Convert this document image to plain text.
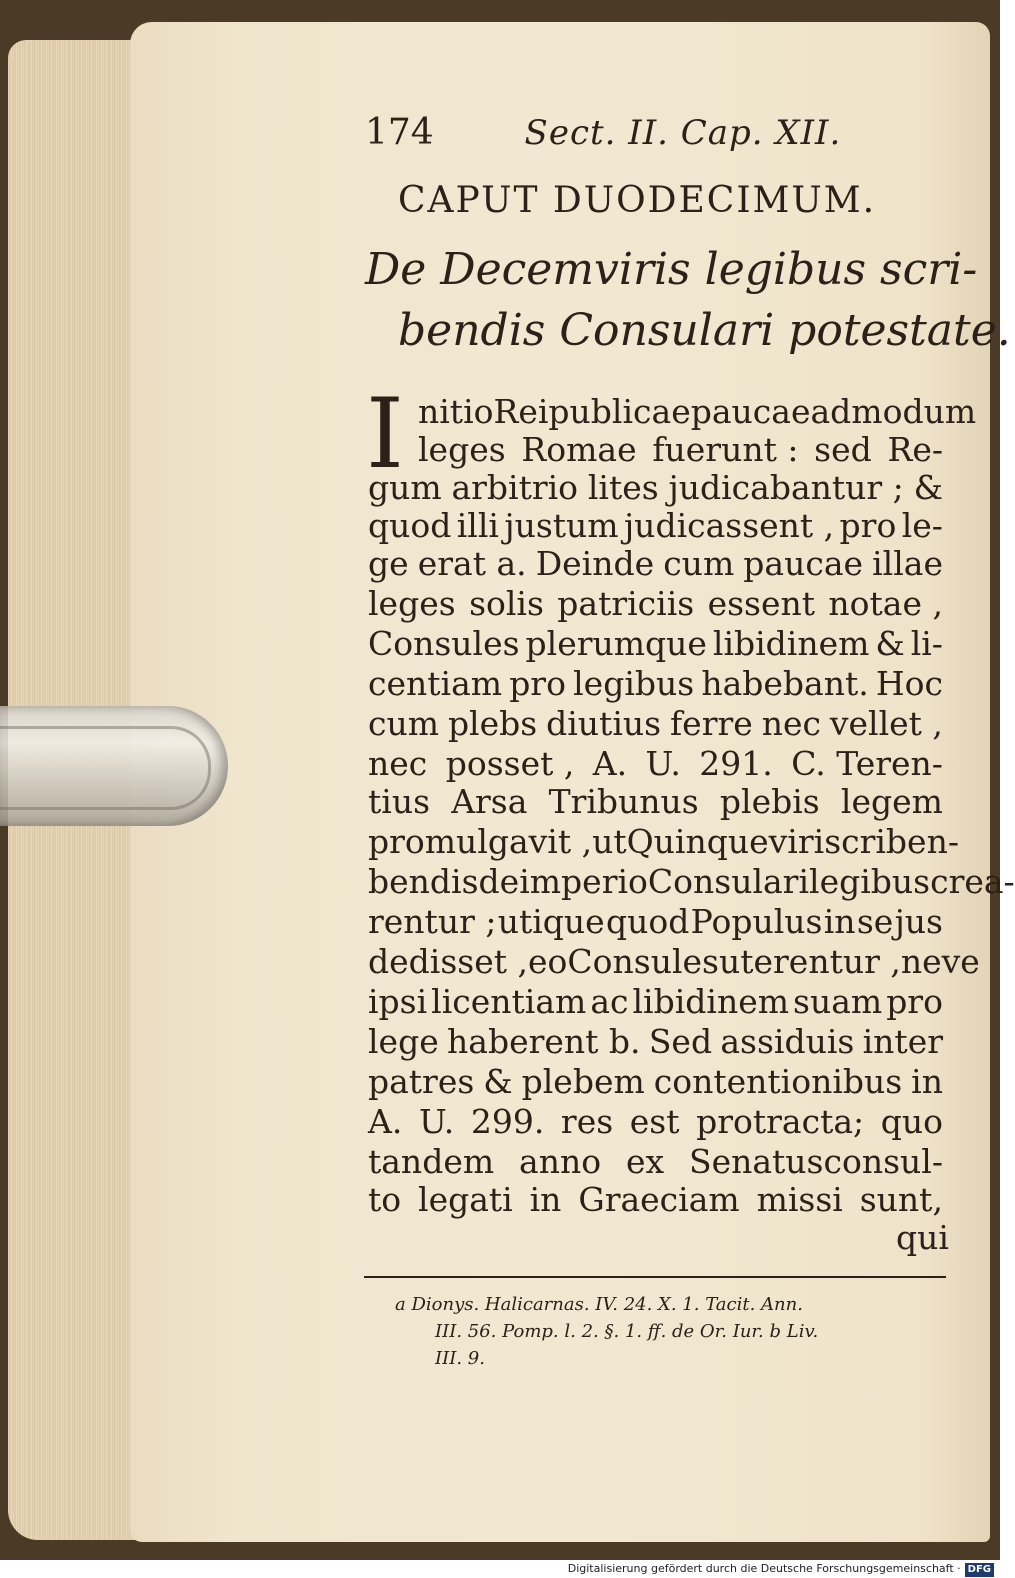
174	Sect. II. Cap. XII.
CAPUT DUODECIMUM.
De Decemviris legibus scri-
bendis Consulari potestate.
I nitio Reipublicae paucae admodum
leges Romae fuerunt : sed Re-
gum arbitrio lites judicabantur ; &
quod illi justum judicassent , pro le-
ge erat a. Deinde cum paucae illae
leges solis patriciis essent notae ,
Consules plerumque libidinem & li-
centiam pro legibus habebant. Hoc
cum plebs diutius ferre nec vellet ,
nec posset , A. U. 291. C. Teren-
tius Arsa Tribunus plebis legem
promulgavit , ut Quinqueviri scriben-
bendis de imperio Consulari legibus crea-
rentur ; utique quod Populus in se jus
dedisset , eo Consules uterentur , neve
ipsi licentiam ac libidinem suam pro
lege haberent b. Sed assiduis inter
patres & plebem contentionibus in
A. U. 299. res est protracta; quo
tandem anno ex Senatusconsul-
to legati in Graeciam missi sunt,
qui
a Dionys. Halicarnas. IV. 24. X. 1. Tacit. Ann.
III. 56. Pomp. l. 2. §. 1. ff. de Or. Iur. b Liv.
III. 9.
Digitalisierung gefördert durch die Deutsche Forschungsgemeinschaft · DFG
